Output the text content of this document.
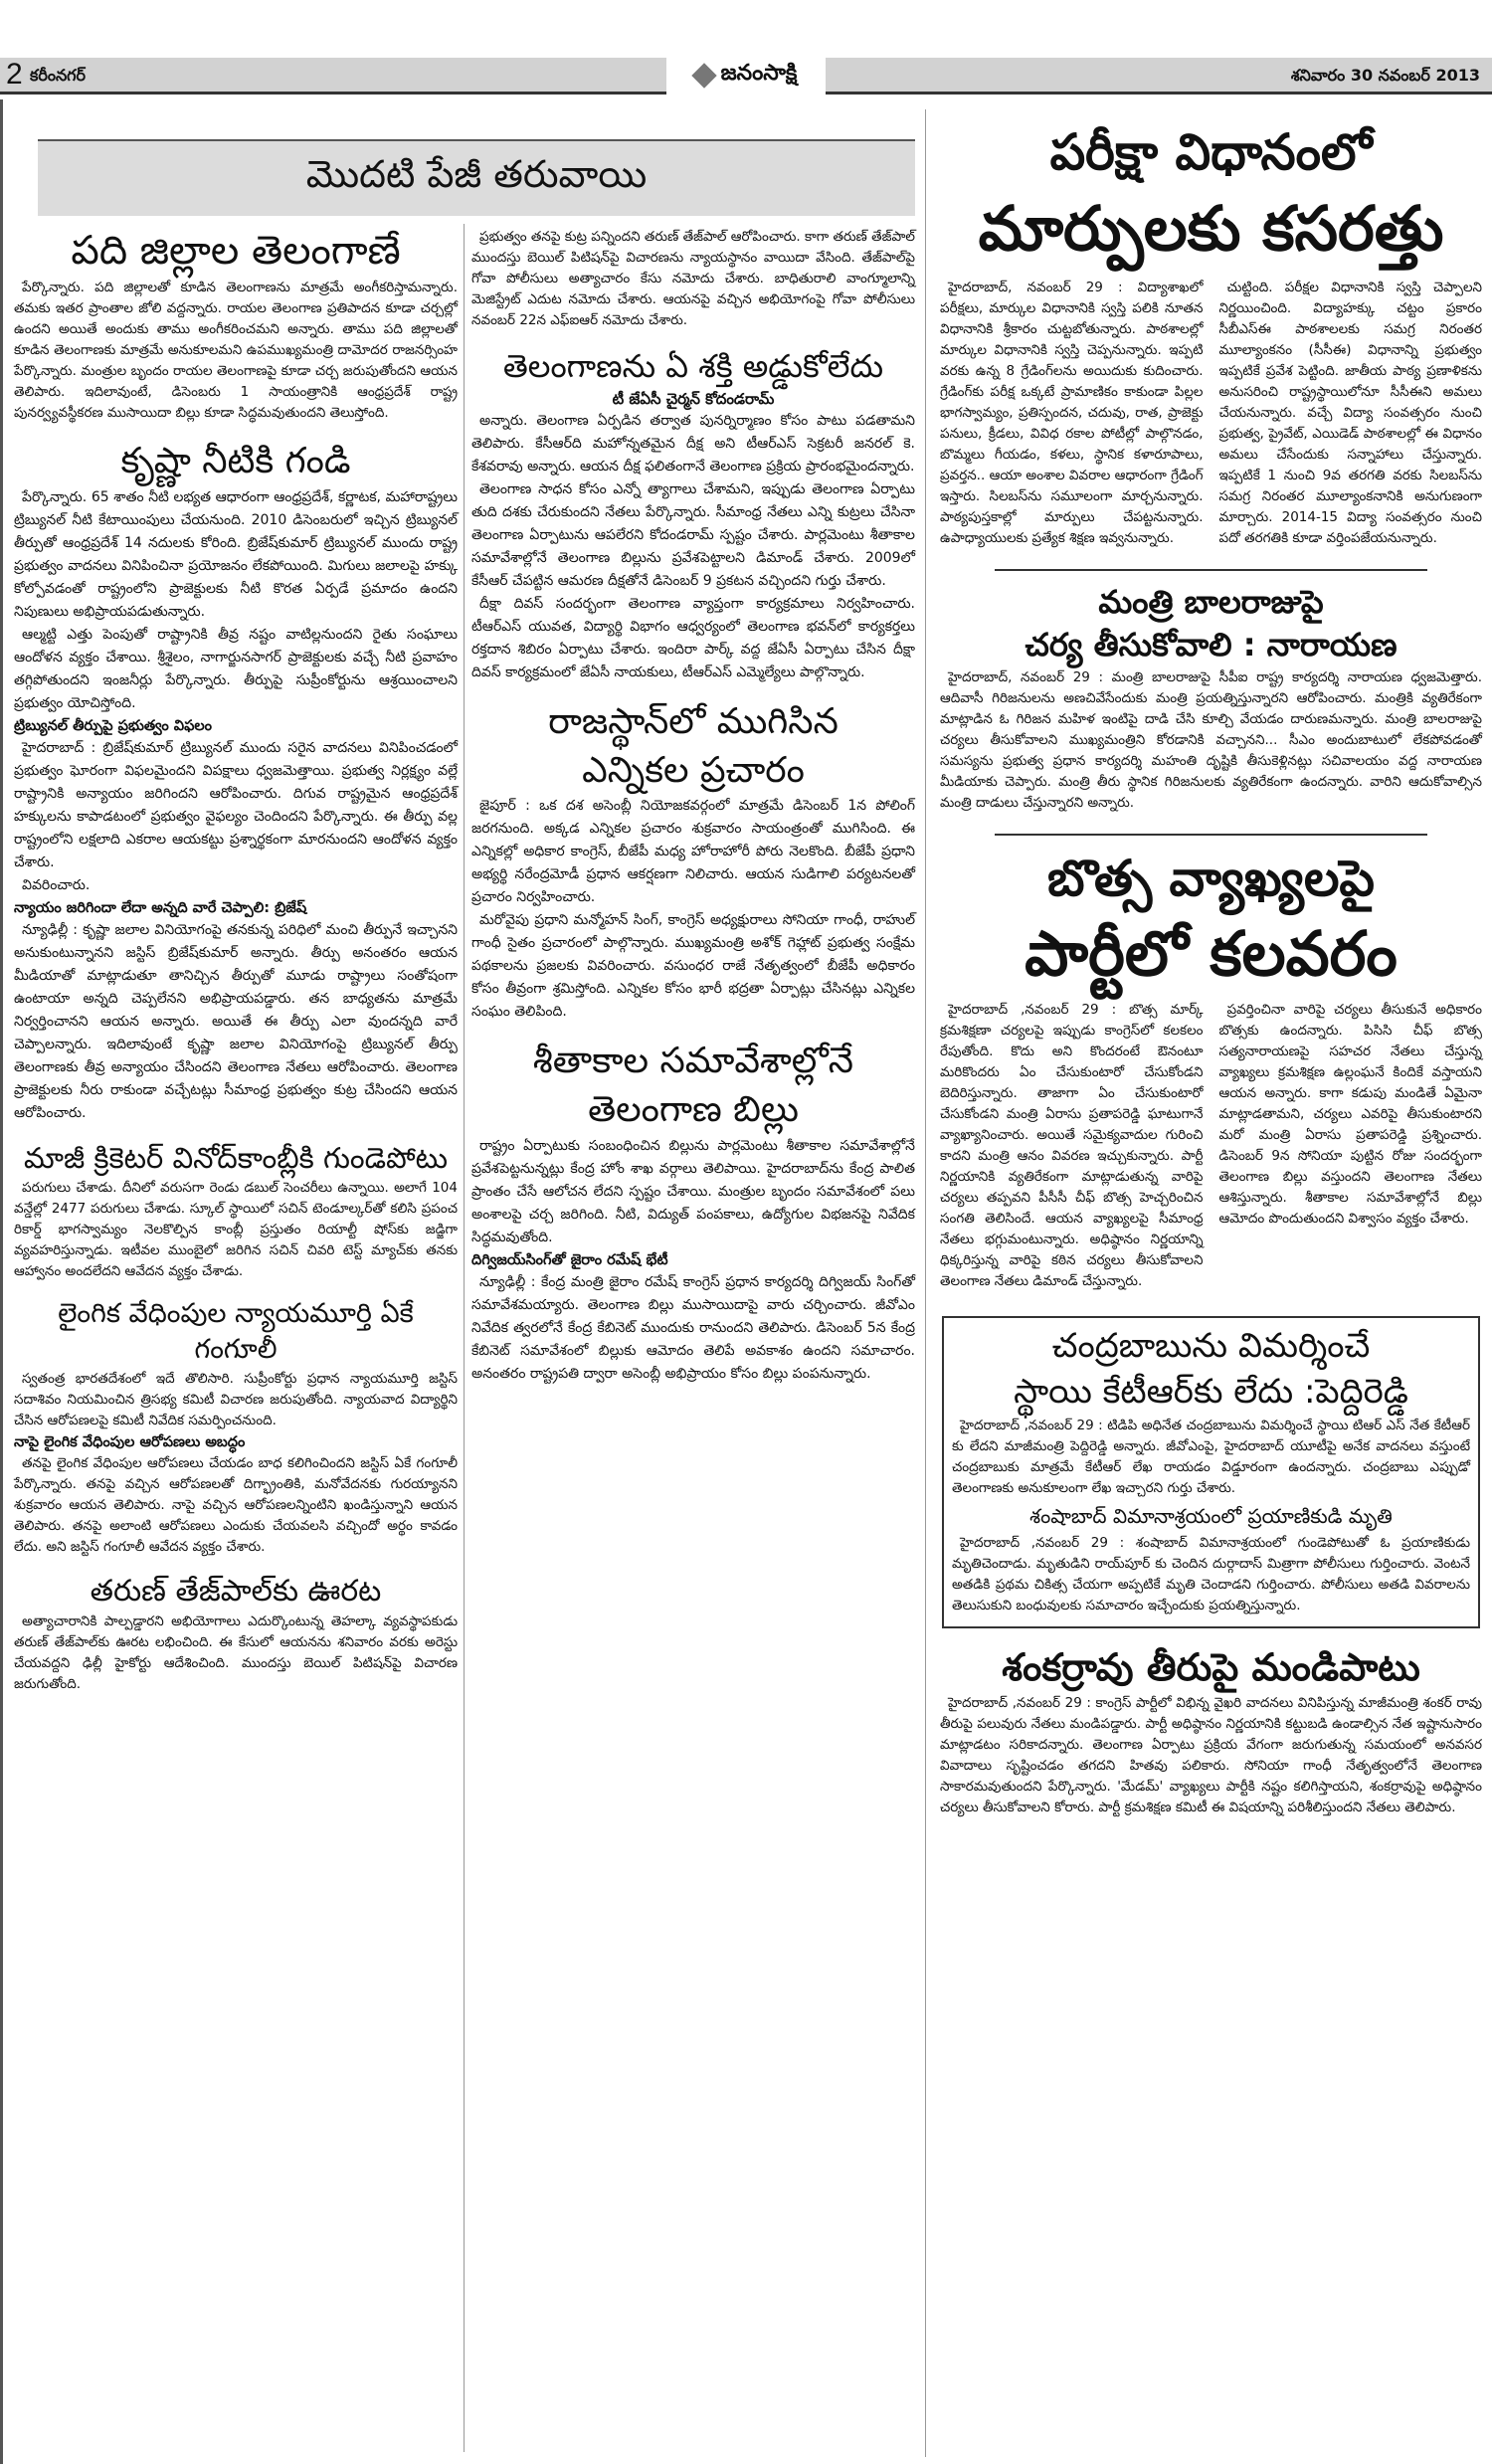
2 కరీంనగర్	జనంసాక్షి	శనివారం 30 నవంబర్ 2013
మొదటి పేజీ తరువాయి
పది జిల్లాల తెలంగాణే

పేర్కొన్నారు. పది జిల్లాలతో కూడిన తెలంగాణను మాత్రమే అంగీకరిస్తామన్నారు. తమకు ఇతర ప్రాంతాల జోలి వద్దన్నారు. రాయల తెలంగాణ ప్రతిపాదన కూడా చర్చల్లో ఉందని అయితే అందుకు తాము అంగీకరించమని అన్నారు. తాము పది జిల్లాలతో కూడిన తెలంగాణకు మాత్రమే అనుకూలమని ఉపముఖ్యమంత్రి దామోదర రాజనర్సింహ పేర్కొన్నారు. మంత్రుల బృందం రాయల తెలంగాణపై కూడా చర్చ జరుపుతోందని ఆయన తెలిపారు. ఇదిలావుంటే, డిసెంబరు 1 సాయంత్రానికి ఆంధ్రప్రదేశ్ రాష్ట్ర పునర్వ్యవస్థీకరణ ముసాయిదా బిల్లు కూడా సిద్ధమవుతుందని తెలుస్తోంది.

కృష్ణా నీటికి గండి

పేర్కొన్నారు. 65 శాతం నీటి లభ్యత ఆధారంగా ఆంధ్రప్రదేశ్, కర్ణాటక, మహారాష్ట్రలు ట్రిబ్యునల్ నీటి కేటాయింపులు చేయనుంది. 2010 డిసెంబరులో ఇచ్చిన ట్రిబ్యునల్ తీర్పుతో ఆంధ్రప్రదేశ్ 14 నదులకు కోరింది. బ్రిజేష్‌కుమార్ ట్రిబ్యునల్ ముందు రాష్ట్ర ప్రభుత్వం వాదనలు వినిపించినా ప్రయోజనం లేకపోయింది. మిగులు జలాలపై హక్కు కోల్పోవడంతో రాష్ట్రంలోని ప్రాజెక్టులకు నీటి కొరత ఏర్పడే ప్రమాదం ఉందని నిపుణులు అభిప్రాయపడుతున్నారు.

ఆల్మట్టి ఎత్తు పెంపుతో రాష్ట్రానికి తీవ్ర నష్టం వాటిల్లనుందని రైతు సంఘాలు ఆందోళన వ్యక్తం చేశాయి. శ్రీశైలం, నాగార్జునసాగర్ ప్రాజెక్టులకు వచ్చే నీటి ప్రవాహం తగ్గిపోతుందని ఇంజనీర్లు పేర్కొన్నారు. తీర్పుపై సుప్రీంకోర్టును ఆశ్రయించాలని ప్రభుత్వం యోచిస్తోంది.

ట్రిబ్యునల్ తీర్పుపై ప్రభుత్వం విఫలం

హైదరాబాద్ : బ్రిజేష్‌కుమార్ ట్రిబ్యునల్ ముందు సరైన వాదనలు వినిపించడంలో ప్రభుత్వం ఘోరంగా విఫలమైందని విపక్షాలు ధ్వజమెత్తాయి. ప్రభుత్వ నిర్లక్ష్యం వల్లే రాష్ట్రానికి అన్యాయం జరిగిందని ఆరోపించారు. దిగువ రాష్ట్రమైన ఆంధ్రప్రదేశ్ హక్కులను కాపాడటంలో ప్రభుత్వం వైఫల్యం చెందిందని పేర్కొన్నారు. ఈ తీర్పు వల్ల రాష్ట్రంలోని లక్షలాది ఎకరాల ఆయకట్టు ప్రశ్నార్థకంగా మారనుందని ఆందోళన వ్యక్తం చేశారు.

వివరించారు.

న్యాయం జరిగిందా లేదా అన్నది వారే చెప్పాలి: బ్రిజేష్

న్యూఢిల్లీ : కృష్ణా జలాల వినియోగంపై తనకున్న పరిధిలో మంచి తీర్పునే ఇచ్చానని అనుకుంటున్నానని జస్టిస్ బ్రిజేష్‌కుమార్ అన్నారు. తీర్పు అనంతరం ఆయన మీడియాతో మాట్లాడుతూ తానిచ్చిన తీర్పుతో మూడు రాష్ట్రాలు సంతోషంగా ఉంటాయా అన్నది చెప్పలేనని అభిప్రాయపడ్డారు. తన బాధ్యతను మాత్రమే నిర్వర్తించానని ఆయన అన్నారు. అయితే ఈ తీర్పు ఎలా వుందన్నది వారే చెప్పాలన్నారు. ఇదిలావుంటే కృష్ణా జలాల వినియోగంపై ట్రిబ్యునల్ తీర్పు తెలంగాణకు తీవ్ర అన్యాయం చేసిందని తెలంగాణ నేతలు ఆరోపించారు. తెలంగాణ ప్రాజెక్టులకు నీరు రాకుండా వచ్చేటట్లు సీమాంధ్ర ప్రభుత్వం కుట్ర చేసిందని ఆయన ఆరోపించారు.

మాజీ క్రికెటర్ వినోద్‌కాంబ్లీకి గుండెపోటు

పరుగులు చేశాడు. దీనిలో వరుసగా రెండు డబుల్ సెంచరీలు ఉన్నాయి. అలాగే 104 వన్డేల్లో 2477 పరుగులు చేశాడు. స్కూల్ స్థాయిలో సచిన్ టెండూల్కర్‌తో కలిసి ప్రపంచ రికార్డ్ భాగస్వామ్యం నెలకొల్పిన కాంబ్లీ ప్రస్తుతం రియాల్టీ షోస్‌కు జడ్జిగా వ్యవహరిస్తున్నాడు. ఇటీవల ముంబైలో జరిగిన సచిన్ చివరి టెస్ట్ మ్యాచ్‌కు తనకు ఆహ్వానం అందలేదని ఆవేదన వ్యక్తం చేశాడు.

లైంగిక వేధింపుల న్యాయమూర్తి ఏకే గంగూలీ

స్వతంత్ర భారతదేశంలో ఇదే తొలిసారి. సుప్రీంకోర్టు ప్రధాన న్యాయమూర్తి జస్టిస్ సదాశివం నియమించిన త్రిసభ్య కమిటీ విచారణ జరుపుతోంది. న్యాయవాద విద్యార్థిని చేసిన ఆరోపణలపై కమిటీ నివేదిక సమర్పించనుంది.

నాపై లైంగిక వేధింపుల ఆరోపణలు అబద్ధం

తనపై లైంగిక వేధింపుల ఆరోపణలు చేయడం బాధ కలిగించిందని జస్టిస్ ఏకే గంగూలీ పేర్కొన్నారు. తనపై వచ్చిన ఆరోపణలతో దిగ్భ్రాంతికి, మనోవేదనకు గురయ్యానని శుక్రవారం ఆయన తెలిపారు. నాపై వచ్చిన ఆరోపణలన్నింటిని ఖండిస్తున్నాని ఆయన తెలిపారు. తనపై అలాంటి ఆరోపణలు ఎందుకు చేయవలసి వచ్చిందో అర్థం కావడం లేదు. అని జస్టిస్ గంగూలీ ఆవేదన వ్యక్తం చేశారు.

తరుణ్ తేజ్‌పాల్‌కు ఊరట

అత్యాచారానికి పాల్పడ్డారని అభియోగాలు ఎదుర్కొంటున్న తెహల్కా వ్యవస్థాపకుడు తరుణ్ తేజ్‌పాల్‌కు ఊరట లభించింది. ఈ కేసులో ఆయనను శనివారం వరకు అరెస్టు చేయవద్దని ఢిల్లీ హైకోర్టు ఆదేశించింది. ముందస్తు బెయిల్ పిటిషన్‌పై విచారణ జరుగుతోంది.

ప్రభుత్వం తనపై కుట్ర పన్నిందని తరుణ్ తేజ్‌పాల్ ఆరోపించారు. కాగా తరుణ్ తేజ్‌పాల్ ముందస్తు బెయిల్ పిటిషన్‌పై విచారణను న్యాయస్థానం వాయిదా వేసింది. తేజ్‌పాల్‌పై గోవా పోలీసులు అత్యాచారం కేసు నమోదు చేశారు. బాధితురాలి వాంగ్మూలాన్ని మెజిస్ట్రేట్ ఎదుట నమోదు చేశారు. ఆయనపై వచ్చిన అభియోగంపై గోవా పోలీసులు నవంబర్ 22న ఎఫ్ఐఆర్ నమోదు చేశారు.

తెలంగాణను ఏ శక్తి అడ్డుకోలేదు
టీ జేఏసీ చైర్మన్ కోదండరామ్

అన్నారు. తెలంగాణ ఏర్పడిన తర్వాత పునర్నిర్మాణం కోసం పాటు పడతామని తెలిపారు. కేసీఆర్‌ది మహోన్నతమైన దీక్ష అని టీఆర్ఎస్ సెక్రటరీ జనరల్ కె. కేశవరావు అన్నారు. ఆయన దీక్ష ఫలితంగానే తెలంగాణ ప్రక్రియ ప్రారంభమైందన్నారు.

తెలంగాణ సాధన కోసం ఎన్నో త్యాగాలు చేశామని, ఇప్పుడు తెలంగాణ ఏర్పాటు తుది దశకు చేరుకుందని నేతలు పేర్కొన్నారు. సీమాంధ్ర నేతలు ఎన్ని కుట్రలు చేసినా తెలంగాణ ఏర్పాటును ఆపలేరని కోదండరామ్ స్పష్టం చేశారు. పార్లమెంటు శీతాకాల సమావేశాల్లోనే తెలంగాణ బిల్లును ప్రవేశపెట్టాలని డిమాండ్ చేశారు. 2009లో కేసీఆర్ చేపట్టిన ఆమరణ దీక్షతోనే డిసెంబర్ 9 ప్రకటన వచ్చిందని గుర్తు చేశారు.

దీక్షా దివస్ సందర్భంగా తెలంగాణ వ్యాప్తంగా కార్యక్రమాలు నిర్వహించారు. టీఆర్ఎస్ యువత, విద్యార్థి విభాగం ఆధ్వర్యంలో తెలంగాణ భవన్‌లో కార్యకర్తలు రక్తదాన శిబిరం ఏర్పాటు చేశారు. ఇందిరా పార్క్ వద్ద జేఏసీ ఏర్పాటు చేసిన దీక్షా దివస్ కార్యక్రమంలో జేఏసీ నాయకులు, టీఆర్ఎస్ ఎమ్మెల్యేలు పాల్గొన్నారు.

రాజస్థాన్‌లో ముగిసిన
ఎన్నికల ప్రచారం

జైపూర్ : ఒక దశ అసెంబ్లీ నియోజకవర్గంలో మాత్రమే డిసెంబర్ 1న పోలింగ్ జరగనుంది. అక్కడ ఎన్నికల ప్రచారం శుక్రవారం సాయంత్రంతో ముగిసింది. ఈ ఎన్నికల్లో అధికార కాంగ్రెస్, బీజేపీ మధ్య హోరాహోరీ పోరు నెలకొంది. బీజేపీ ప్రధాని అభ్యర్థి నరేంద్రమోడీ ప్రధాన ఆకర్షణగా నిలిచారు. ఆయన సుడిగాలి పర్యటనలతో ప్రచారం నిర్వహించారు.

మరోవైపు ప్రధాని మన్మోహన్ సింగ్, కాంగ్రెస్ అధ్యక్షురాలు సోనియా గాంధీ, రాహుల్ గాంధీ సైతం ప్రచారంలో పాల్గొన్నారు. ముఖ్యమంత్రి అశోక్ గెహ్లాట్ ప్రభుత్వ సంక్షేమ పథకాలను ప్రజలకు వివరించారు. వసుంధర రాజే నేతృత్వంలో బీజేపీ అధికారం కోసం తీవ్రంగా శ్రమిస్తోంది. ఎన్నికల కోసం భారీ భద్రతా ఏర్పాట్లు చేసినట్లు ఎన్నికల సంఘం తెలిపింది.

శీతాకాల సమావేశాల్లోనే
తెలంగాణ బిల్లు

రాష్ట్రం ఏర్పాటుకు సంబంధించిన బిల్లును పార్లమెంటు శీతాకాల సమావేశాల్లోనే ప్రవేశపెట్టనున్నట్లు కేంద్ర హోం శాఖ వర్గాలు తెలిపాయి. హైదరాబాద్‌ను కేంద్ర పాలిత ప్రాంతం చేసే ఆలోచన లేదని స్పష్టం చేశాయి. మంత్రుల బృందం సమావేశంలో పలు అంశాలపై చర్చ జరిగింది. నీటి, విద్యుత్ పంపకాలు, ఉద్యోగుల విభజనపై నివేదిక సిద్ధమవుతోంది.

దిగ్విజయ్‌సింగ్‌తో జైరాం రమేష్ భేటీ

న్యూఢిల్లీ : కేంద్ర మంత్రి జైరాం రమేష్ కాంగ్రెస్ ప్రధాన కార్యదర్శి దిగ్విజయ్ సింగ్‌తో సమావేశమయ్యారు. తెలంగాణ బిల్లు ముసాయిదాపై వారు చర్చించారు. జీవోఎం నివేదిక త్వరలోనే కేంద్ర కేబినెట్ ముందుకు రానుందని తెలిపారు. డిసెంబర్ 5న కేంద్ర కేబినెట్ సమావేశంలో బిల్లుకు ఆమోదం తెలిపే అవకాశం ఉందని సమాచారం. అనంతరం రాష్ట్రపతి ద్వారా అసెంబ్లీ అభిప్రాయం కోసం బిల్లు పంపనున్నారు.

పరీక్షా విధానంలో
మార్పులకు కసరత్తు

హైదరాబాద్, నవంబర్ 29 : విద్యాశాఖలో పరీక్షలు, మార్కుల విధానానికి స్వస్తి పలికి నూతన విధానానికి శ్రీకారం చుట్టబోతున్నారు. పాఠశాలల్లో మార్కుల విధానానికి స్వస్తి చెప్పనున్నారు. ఇప్పటి వరకు ఉన్న 8 గ్రేడింగ్‌లను అయిదుకు కుదించారు. గ్రేడింగ్‌కు పరీక్ష ఒక్కటే ప్రామాణికం కాకుండా పిల్లల భాగస్వామ్యం, ప్రతిస్పందన, చదువు, రాత, ప్రాజెక్టు పనులు, క్రీడలు, వివిధ రకాల పోటీల్లో పాల్గొనడం, బొమ్మలు గీయడం, కళలు, స్థానిక కళారూపాలు, ప్రవర్తన.. ఆయా అంశాల వివరాల ఆధారంగా గ్రేడింగ్ ఇస్తారు. సిలబస్‌ను సమూలంగా మార్చనున్నారు. పాఠ్యపుస్తకాల్లో మార్పులు చేపట్టనున్నారు. ఉపాధ్యాయులకు ప్రత్యేక శిక్షణ ఇవ్వనున్నారు.

చుట్టింది. పరీక్షల విధానానికి స్వస్తి చెప్పాలని నిర్ణయించింది. విద్యాహక్కు చట్టం ప్రకారం సీబీఎస్‌ఈ పాఠశాలలకు సమగ్ర నిరంతర మూల్యాంకనం (సీసీఈ) విధానాన్ని ప్రభుత్వం ఇప్పటికే ప్రవేశ పెట్టింది. జాతీయ పాఠ్య ప్రణాళికను అనుసరించి రాష్ట్రస్థాయిలోనూ సీసీఈని అమలు చేయనున్నారు. వచ్చే విద్యా సంవత్సరం నుంచి ప్రభుత్వ, ప్రైవేట్, ఎయిడెడ్ పాఠశాలల్లో ఈ విధానం అమలు చేసేందుకు సన్నాహాలు చేస్తున్నారు. ఇప్పటికే 1 నుంచి 9వ తరగతి వరకు సిలబస్‌ను సమగ్ర నిరంతర మూల్యాంకనానికి అనుగుణంగా మార్చారు. 2014-15 విద్యా సంవత్సరం నుంచి పదో తరగతికి కూడా వర్తింపజేయనున్నారు.

మంత్రి బాలరాజుపై
చర్య తీసుకోవాలి : నారాయణ

హైదరాబాద్, నవంబర్ 29 : మంత్రి బాలరాజుపై సీపీఐ రాష్ట్ర కార్యదర్శి నారాయణ ధ్వజమెత్తారు. ఆదివాసీ గిరిజనులను అణచివేసేందుకు మంత్రి ప్రయత్నిస్తున్నారని ఆరోపించారు. మంత్రికి వ్యతిరేకంగా మాట్లాడిన ఓ గిరిజన మహిళ ఇంటిపై దాడి చేసి కూల్చి వేయడం దారుణమన్నారు. మంత్రి బాలరాజుపై చర్యలు తీసుకోవాలని ముఖ్యమంత్రిని కోరడానికి వచ్చానని... సీఎం అందుబాటులో లేకపోవడంతో సమస్యను ప్రభుత్వ ప్రధాన కార్యదర్శి మహంతి దృష్టికి తీసుకెళ్లినట్లు సచివాలయం వద్ద నారాయణ మీడియాకు చెప్పారు. మంత్రి తీరు స్థానిక గిరిజనులకు వ్యతిరేకంగా ఉందన్నారు. వారిని ఆదుకోవాల్సిన మంత్రి దాడులు చేస్తున్నారని అన్నారు.

బొత్స వ్యాఖ్యలపై
పార్టీలో కలవరం

హైదరాబాద్ ,నవంబర్ 29 : బొత్స మార్క్ క్రమశిక్షణా చర్యలపై ఇప్పుడు కాంగ్రెస్‌లో కలకలం రేపుతోంది. కొదు అని కొందరంటే ఔనంటూ మరికొందరు ఏం చేసుకుంటారో చేసుకోండని బెదిరిస్తున్నారు. తాజాగా ఏం చేసుకుంటారో చేసుకోండని మంత్రి ఏరాసు ప్రతాపరెడ్డి ఘాటుగానే వ్యాఖ్యానించారు. అయితే సమైక్యవాదుల గురించి కాదని మంత్రి ఆనం వివరణ ఇచ్చుకున్నారు. పార్టీ నిర్ణయానికి వ్యతిరేకంగా మాట్లాడుతున్న వారిపై చర్యలు తప్పవని పీసీసీ చీఫ్ బొత్స హెచ్చరించిన సంగతి తెలిసిందే. ఆయన వ్యాఖ్యలపై సీమాంధ్ర నేతలు భగ్గుమంటున్నారు. అధిష్ఠానం నిర్ణయాన్ని ధిక్కరిస్తున్న వారిపై కఠిన చర్యలు తీసుకోవాలని తెలంగాణ నేతలు డిమాండ్ చేస్తున్నారు.

ప్రవర్తించినా వారిపై చర్యలు తీసుకునే అధికారం బొత్సకు ఉందన్నారు. పిసిసి చీఫ్ బొత్స సత్యనారాయణపై సహచర నేతలు చేస్తున్న వ్యాఖ్యలు క్రమశిక్షణ ఉల్లంఘనే కిందికే వస్తాయని ఆయన అన్నారు. కాగా కడుపు మండితే ఏమైనా మాట్లాడతామని, చర్యలు ఎవరిపై తీసుకుంటారని మరో మంత్రి ఏరాసు ప్రతాపరెడ్డి ప్రశ్నించారు. డిసెంబర్ 9న సోనియా పుట్టిన రోజు సందర్భంగా తెలంగాణ బిల్లు వస్తుందని తెలంగాణ నేతలు ఆశిస్తున్నారు. శీతాకాల సమావేశాల్లోనే బిల్లు ఆమోదం పొందుతుందని విశ్వాసం వ్యక్తం చేశారు.

చంద్రబాబును విమర్శించే
స్థాయి కేటీఆర్‌కు లేదు :పెద్దిరెడ్డి

హైదరాబాద్ ,నవంబర్ 29 : టిడిపి అధినేత చంద్రబాబును విమర్శించే స్థాయి టిఆర్ ఎస్ నేత కేటీఆర్ కు లేదని మాజీమంత్రి పెద్దిరెడ్డి అన్నారు. జీవోఎంపై, హైదరాబాద్ యూటీపై అనేక వాదనలు వస్తుంటే చంద్రబాబుకు మాత్రమే కేటీఆర్ లేఖ రాయడం విడ్డూరంగా ఉందన్నారు. చంద్రబాబు ఎప్పుడో తెలంగాణకు అనుకూలంగా లేఖ ఇచ్చారని గుర్తు చేశారు.

శంషాబాద్ విమానాశ్రయంలో ప్రయాణికుడి మృతి

హైదరాబాద్ ,నవంబర్ 29 : శంషాబాద్ విమానాశ్రయంలో గుండెపోటుతో ఓ ప్రయాణికుడు మృతిచెందాడు. మృతుడిని రాయ్‌పూర్ కు చెందిన దుర్గాదాస్ మిత్రాగా పోలీసులు గుర్తించారు. వెంటనే అతడికి ప్రథమ చికిత్స చేయగా అప్పటికే మృతి చెందాడని గుర్తించారు. పోలీసులు అతడి వివరాలను తెలుసుకుని బంధువులకు సమాచారం ఇచ్చేందుకు ప్రయత్నిస్తున్నారు.

శంకర్రావు తీరుపై మండిపాటు

హైదరాబాద్ ,నవంబర్ 29 : కాంగ్రెస్ పార్టీలో విభిన్న వైఖరి వాదనలు వినిపిస్తున్న మాజీమంత్రి శంకర్ రావు తీరుపై పలువురు నేతలు మండిపడ్డారు. పార్టీ అధిష్ఠానం నిర్ణయానికి కట్టుబడి ఉండాల్సిన నేత ఇష్టానుసారం మాట్లాడటం సరికాదన్నారు. తెలంగాణ ఏర్పాటు ప్రక్రియ వేగంగా జరుగుతున్న సమయంలో అనవసర వివాదాలు సృష్టించడం తగదని హితవు పలికారు. సోనియా గాంధీ నేతృత్వంలోనే తెలంగాణ సాకారమవుతుందని పేర్కొన్నారు. 'మేడమ్' వ్యాఖ్యలు పార్టీకి నష్టం కలిగిస్తాయని, శంకర్రావుపై అధిష్ఠానం చర్యలు తీసుకోవాలని కోరారు. పార్టీ క్రమశిక్షణ కమిటీ ఈ విషయాన్ని పరిశీలిస్తుందని నేతలు తెలిపారు.
